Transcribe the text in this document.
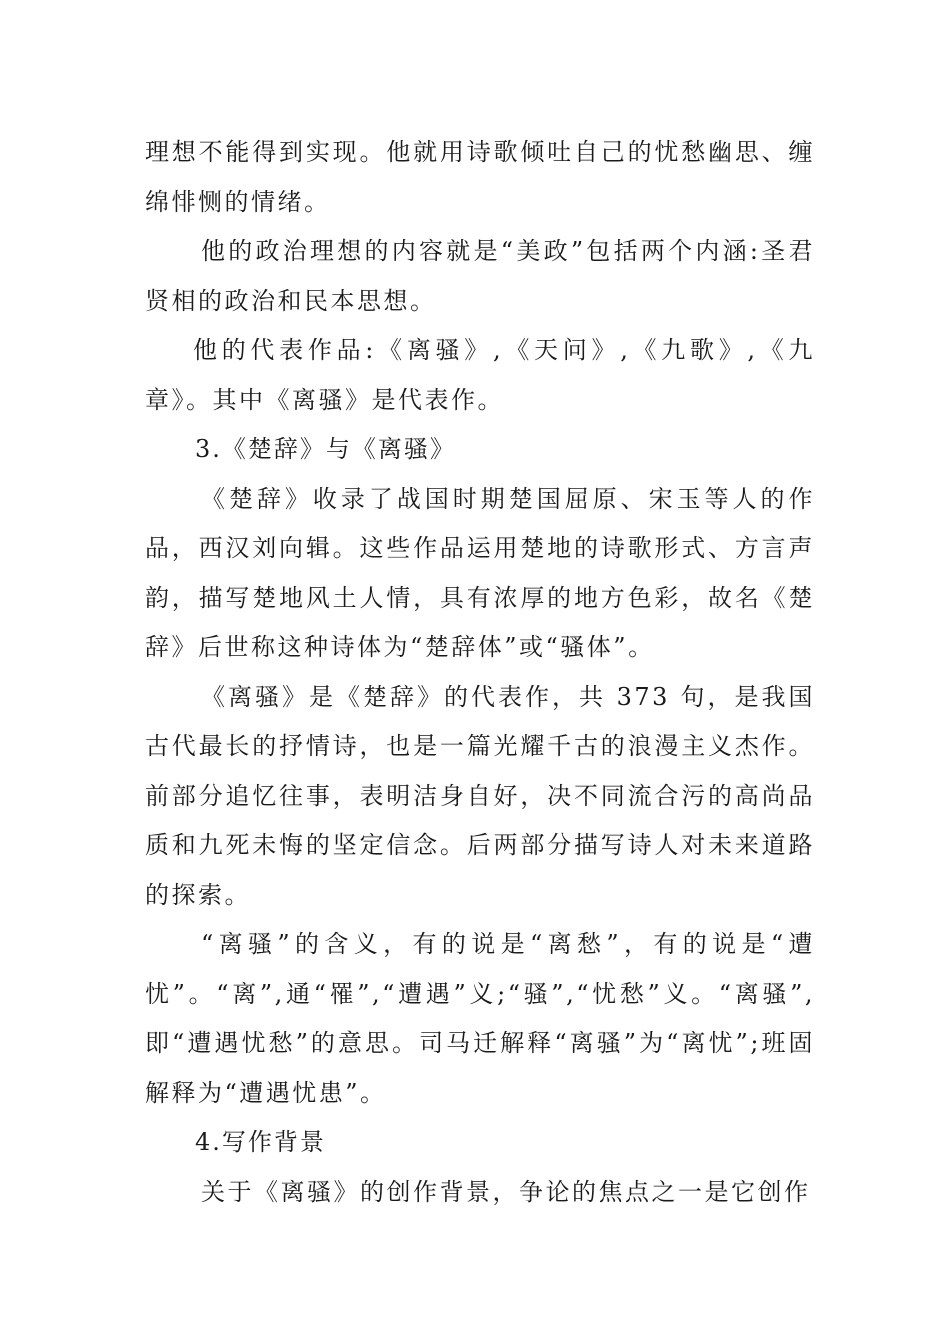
理想不能得到实现。他就用诗歌倾吐自己的忧愁幽思、缠绵悱恻的情绪。

他的政治理想的内容就是“美政”包括两个内涵:圣君贤相的政治和民本思想。

他的代表作品:《离骚》,《天问》,《九歌》,《九章》。其中《离骚》是代表作。

3.《楚辞》与《离骚》

《楚辞》收录了战国时期楚国屈原、宋玉等人的作品，西汉刘向辑。这些作品运用楚地的诗歌形式、方言声韵，描写楚地风土人情，具有浓厚的地方色彩，故名《楚辞》后世称这种诗体为“楚辞体”或“骚体”。

《离骚》是《楚辞》的代表作，共 373 句，是我国古代最长的抒情诗，也是一篇光耀千古的浪漫主义杰作。前部分追忆往事，表明洁身自好，决不同流合污的高尚品质和九死未悔的坚定信念。后两部分描写诗人对未来道路的探索。

“离骚”的含义，有的说是“离愁”，有的说是“遭忧”。“离”,通“罹”,“遭遇”义;“骚”,“忧愁”义。“离骚”,即“遭遇忧愁”的意思。司马迁解释“离骚”为“离忧”;班固解释为“遭遇忧患”。

4.写作背景

关于《离骚》的创作背景，争论的焦点之一是它创作
